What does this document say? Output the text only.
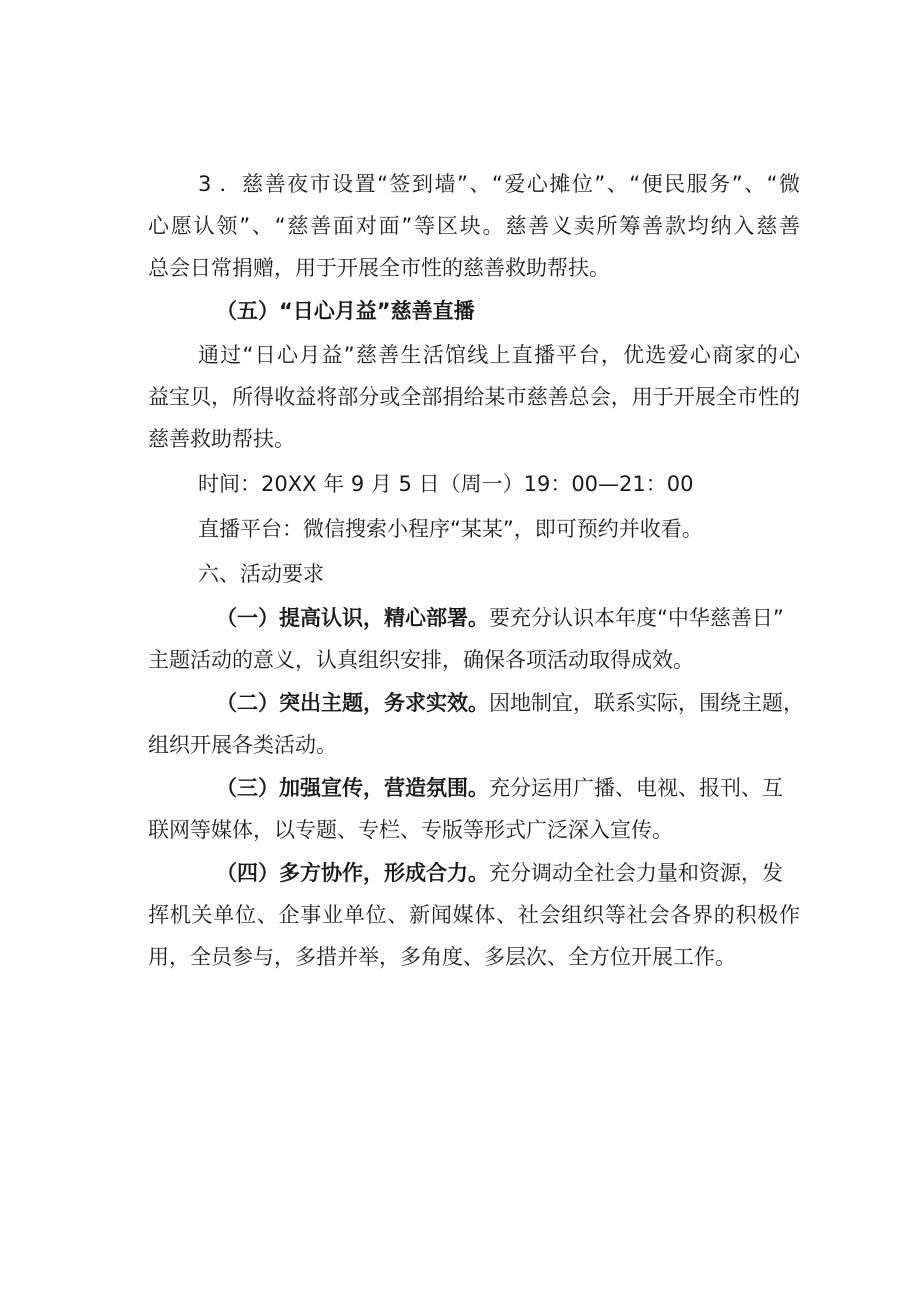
3 ．慈善夜市设置“签到墙”、“爱心摊位”、“便民服务”、“微
心愿认领”、“慈善面对面”等区块。慈善义卖所筹善款均纳入慈善
总会日常捐赠，用于开展全市性的慈善救助帮扶。
（五）“日心月益”慈善直播
通过“日心月益”慈善生活馆线上直播平台，优选爱心商家的心
益宝贝，所得收益将部分或全部捐给某市慈善总会，用于开展全市性的
慈善救助帮扶。
时间：20XX 年 9 月 5 日（周一）19：00—21：00
直播平台：微信搜索小程序“某某”，即可预约并收看。
六、活动要求
（一）提高认识，精心部署。要充分认识本年度“中华慈善日”
主题活动的意义，认真组织安排，确保各项活动取得成效。
（二）突出主题，务求实效。因地制宜，联系实际，围绕主题，
组织开展各类活动。
（三）加强宣传，营造氛围。充分运用广播、电视、报刊、互
联网等媒体，以专题、专栏、专版等形式广泛深入宣传。
（四）多方协作，形成合力。充分调动全社会力量和资源，发
挥机关单位、企事业单位、新闻媒体、社会组织等社会各界的积极作
用，全员参与，多措并举，多角度、多层次、全方位开展工作。
